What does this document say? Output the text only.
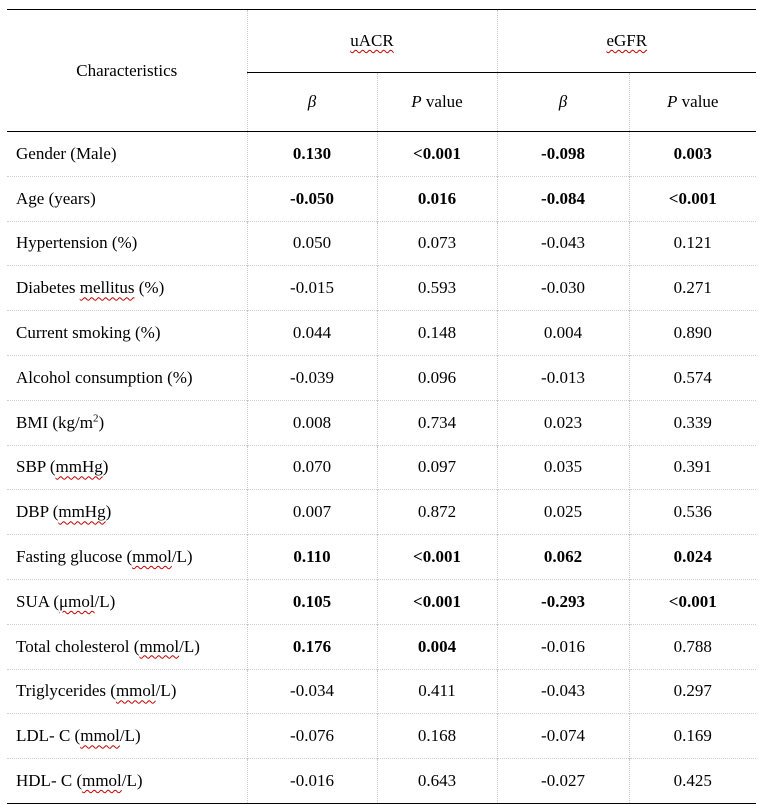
Characteristics	uACR		eGFR	
	β	P value	β	P value
Gender (Male)	0.130	<0.001	-0.098	0.003
Age (years)	-0.050	0.016	-0.084	<0.001
Hypertension (%)	0.050	0.073	-0.043	0.121
Diabetes mellitus (%)	-0.015	0.593	-0.030	0.271
Current smoking (%)	0.044	0.148	0.004	0.890
Alcohol consumption (%)	-0.039	0.096	-0.013	0.574
BMI $(kg/m^2)$	0.008	0.734	0.023	0.339
SBP (mmHg)	0.070	0.097	0.035	0.391
DBP (mmHg)	0.007	0.872	0.025	0.536
Fasting glucose (mmol/L)	0.110	<0.001	0.062	0.024
SUA (μmol/L)	0.105	<0.001	-0.293	<0.001
Total cholesterol (mmol/L)	0.176	0.004	-0.016	0.788
Triglycerides (mmol/L)	-0.034	0.411	-0.043	0.297
LDL- C (mmol/L)	-0.076	0.168	-0.074	0.169
HDL- C (mmol/L)	-0.016	0.643	-0.027	0.425
